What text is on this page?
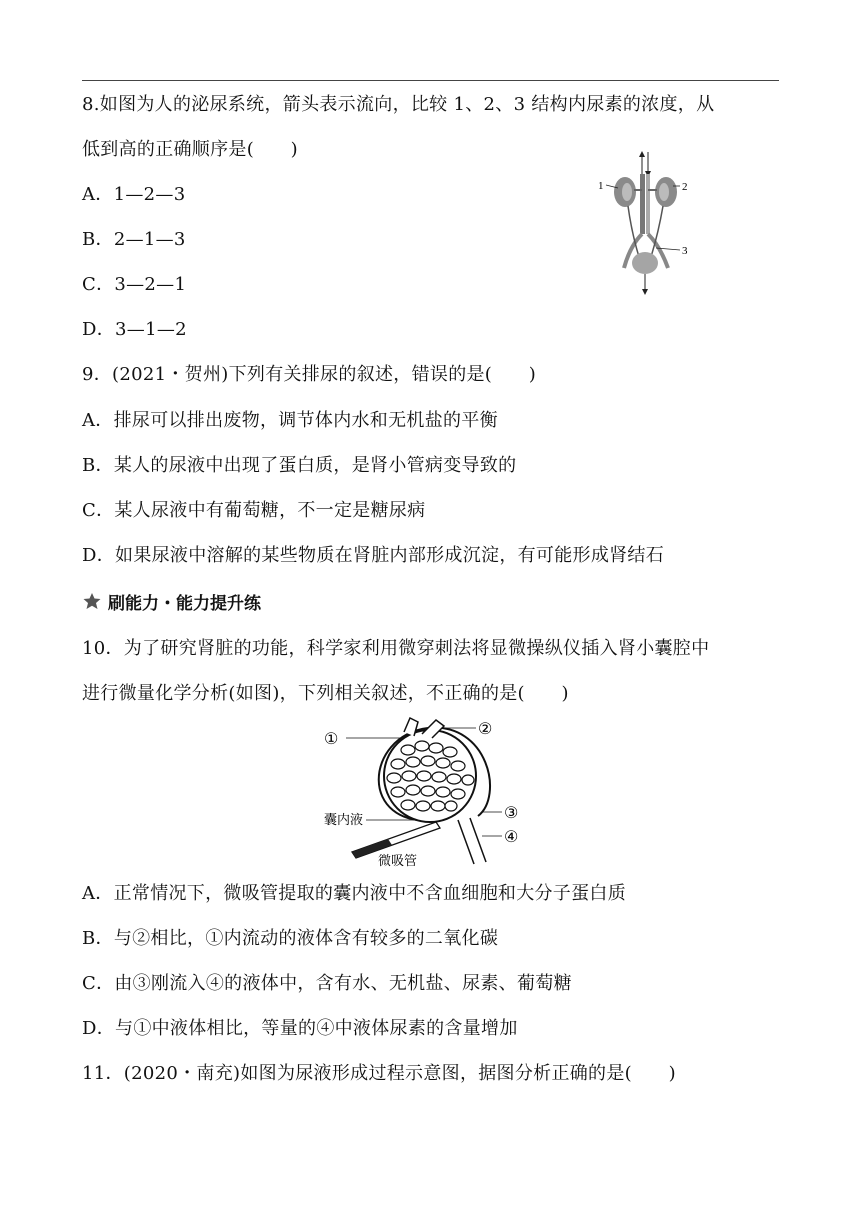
8.如图为人的泌尿系统，箭头表示流向，比较 1、2、3 结构内尿素的浓度，从
低到高的正确顺序是(　　)
A．1—2—3
B．2—1—3
C．3—2—1
D．3—1—2
1	2
3
9．(2021・贺州)下列有关排尿的叙述，错误的是(　　)
A．排尿可以排出废物，调节体内水和无机盐的平衡
B．某人的尿液中出现了蛋白质，是肾小管病变导致的
C．某人尿液中有葡萄糖，不一定是糖尿病
D．如果尿液中溶解的某些物质在肾脏内部形成沉淀，有可能形成肾结石
刷能力・能力提升练
10．为了研究肾脏的功能，科学家利用微穿刺法将显微操纵仪插入肾小囊腔中
进行微量化学分析(如图)，下列相关叙述，不正确的是(　　)
①
②
③
④
囊内液
微吸管
A．正常情况下，微吸管提取的囊内液中不含血细胞和大分子蛋白质
B．与②相比，①内流动的液体含有较多的二氧化碳
C．由③刚流入④的液体中，含有水、无机盐、尿素、葡萄糖
D．与①中液体相比，等量的④中液体尿素的含量增加
11．(2020・南充)如图为尿液形成过程示意图，据图分析正确的是(　　)
